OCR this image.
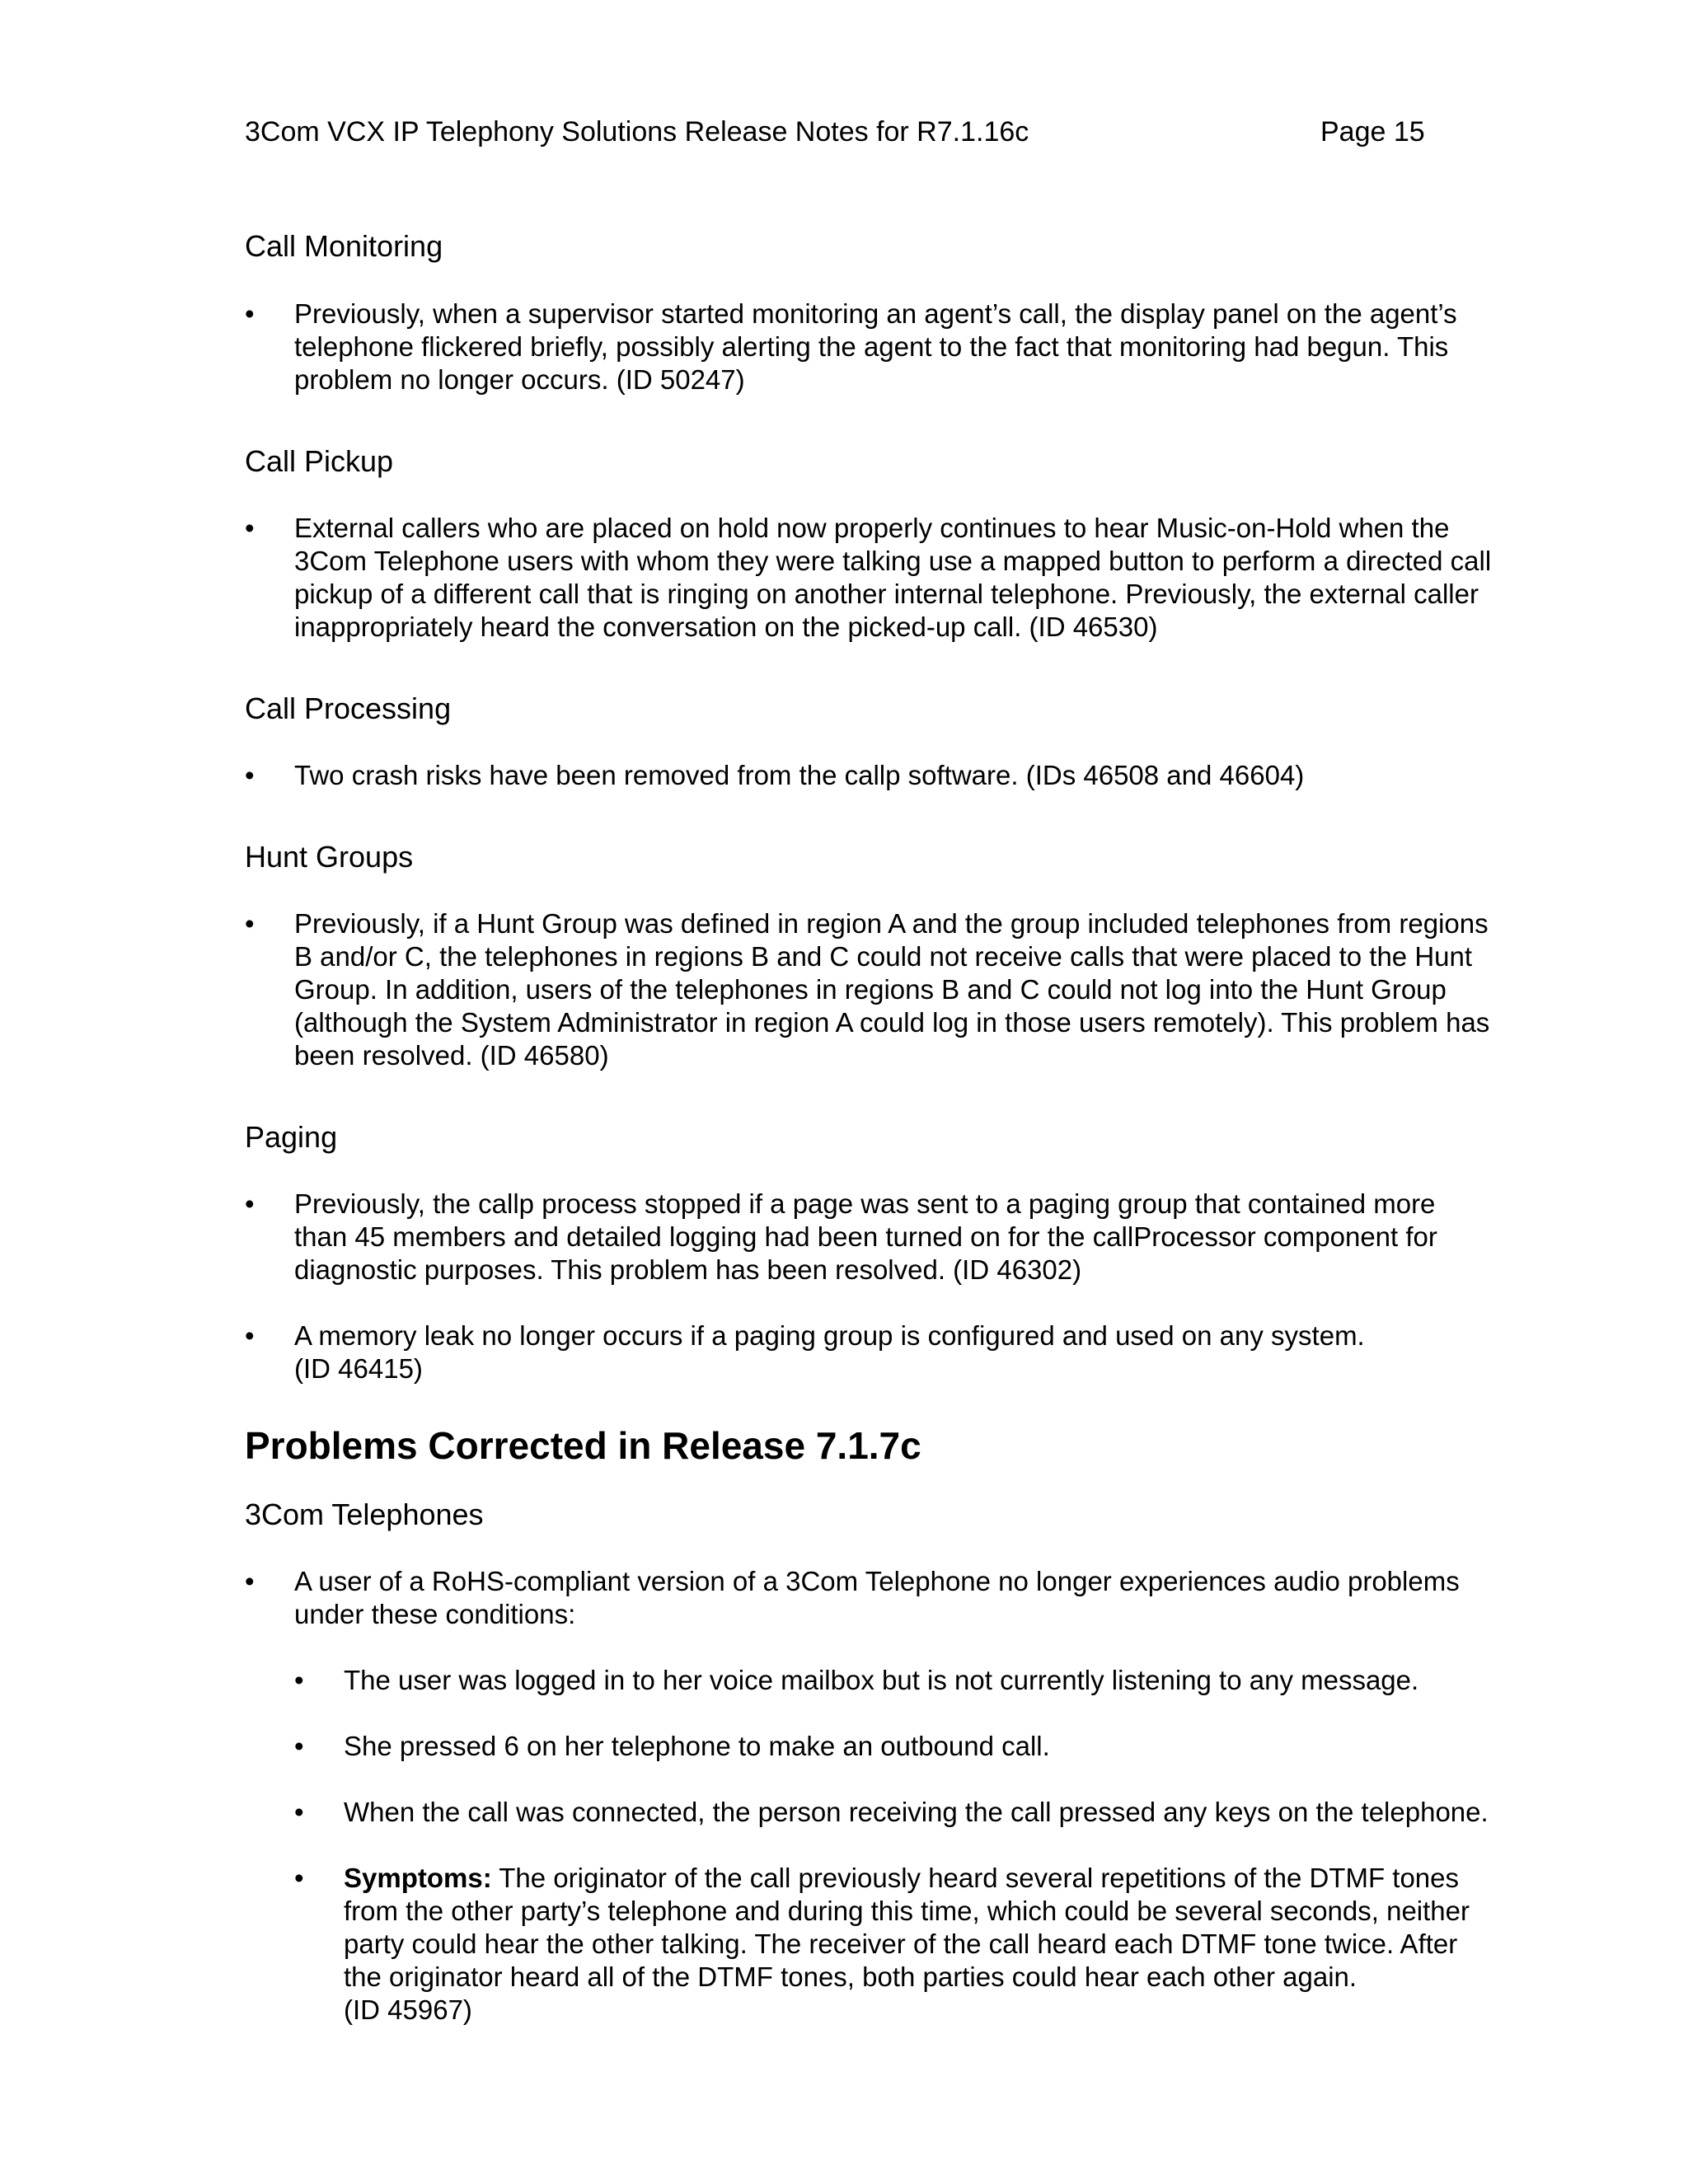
3Com VCX IP Telephony Solutions Release Notes for R7.1.16c	Page 15
Call Monitoring
• Previously, when a supervisor started monitoring an agent’s call, the display panel on the agent’s
telephone flickered briefly, possibly alerting the agent to the fact that monitoring had begun. This
problem no longer occurs. (ID 50247)
Call Pickup
• External callers who are placed on hold now properly continues to hear Music-on-Hold when the
3Com Telephone users with whom they were talking use a mapped button to perform a directed call
pickup of a different call that is ringing on another internal telephone. Previously, the external caller
inappropriately heard the conversation on the picked-up call. (ID 46530)
Call Processing
• Two crash risks have been removed from the callp software. (IDs 46508 and 46604)
Hunt Groups
• Previously, if a Hunt Group was defined in region A and the group included telephones from regions
B and/or C, the telephones in regions B and C could not receive calls that were placed to the Hunt
Group. In addition, users of the telephones in regions B and C could not log into the Hunt Group
(although the System Administrator in region A could log in those users remotely). This problem has
been resolved. (ID 46580)
Paging
• Previously, the callp process stopped if a page was sent to a paging group that contained more
than 45 members and detailed logging had been turned on for the callProcessor component for
diagnostic purposes. This problem has been resolved. (ID 46302)
• A memory leak no longer occurs if a paging group is configured and used on any system.
(ID 46415)
Problems Corrected in Release 7.1.7c
3Com Telephones
• A user of a RoHS-compliant version of a 3Com Telephone no longer experiences audio problems
under these conditions:
• The user was logged in to her voice mailbox but is not currently listening to any message.
• She pressed 6 on her telephone to make an outbound call.
• When the call was connected, the person receiving the call pressed any keys on the telephone.
• Symptoms: The originator of the call previously heard several repetitions of the DTMF tones
from the other party’s telephone and during this time, which could be several seconds, neither
party could hear the other talking. The receiver of the call heard each DTMF tone twice. After
the originator heard all of the DTMF tones, both parties could hear each other again.
(ID 45967)
